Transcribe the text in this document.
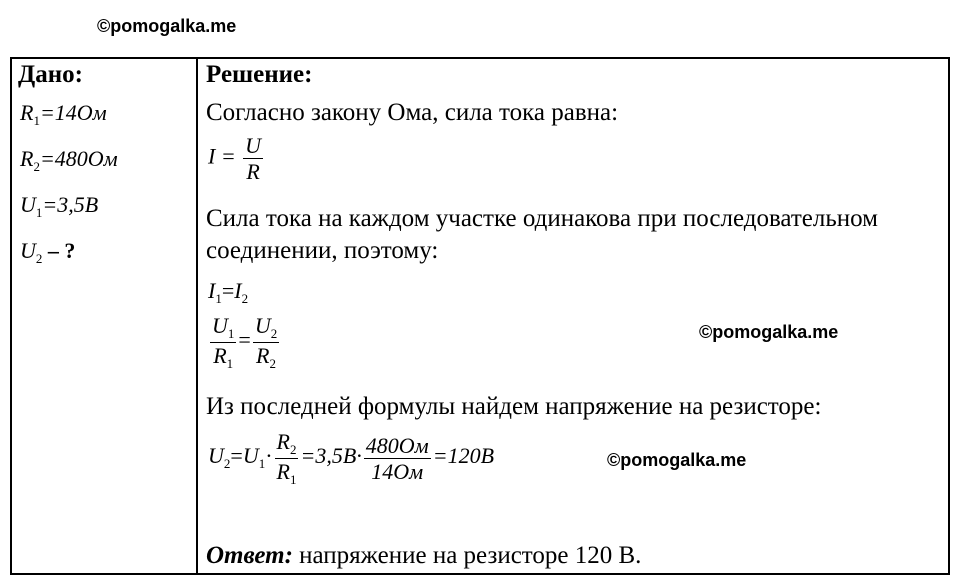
©pomogalka.me
Дано:
$R_1=14Ом$
$R_2=480Ом$
$U_1=3,5В$
$U_2$ – ?
Решение:
Согласно закону Ома, сила тока равна:
$I = \frac{U}{R}$
Сила тока на каждом участке одинакова при последовательном
соединении, поэтому:
$I_1=I_2$
$\frac{U_1}{R_1} = \frac{U_2}{R_2}$	©pomogalka.me
Из последней формулы найдем напряжение на резисторе:
$U_2=U_1\cdot \frac{R_2}{R_1} =3,5В\cdot \frac{480Ом}{14Ом} =120В$	©pomogalka.me
Ответ: напряжение на резисторе 120 В.
